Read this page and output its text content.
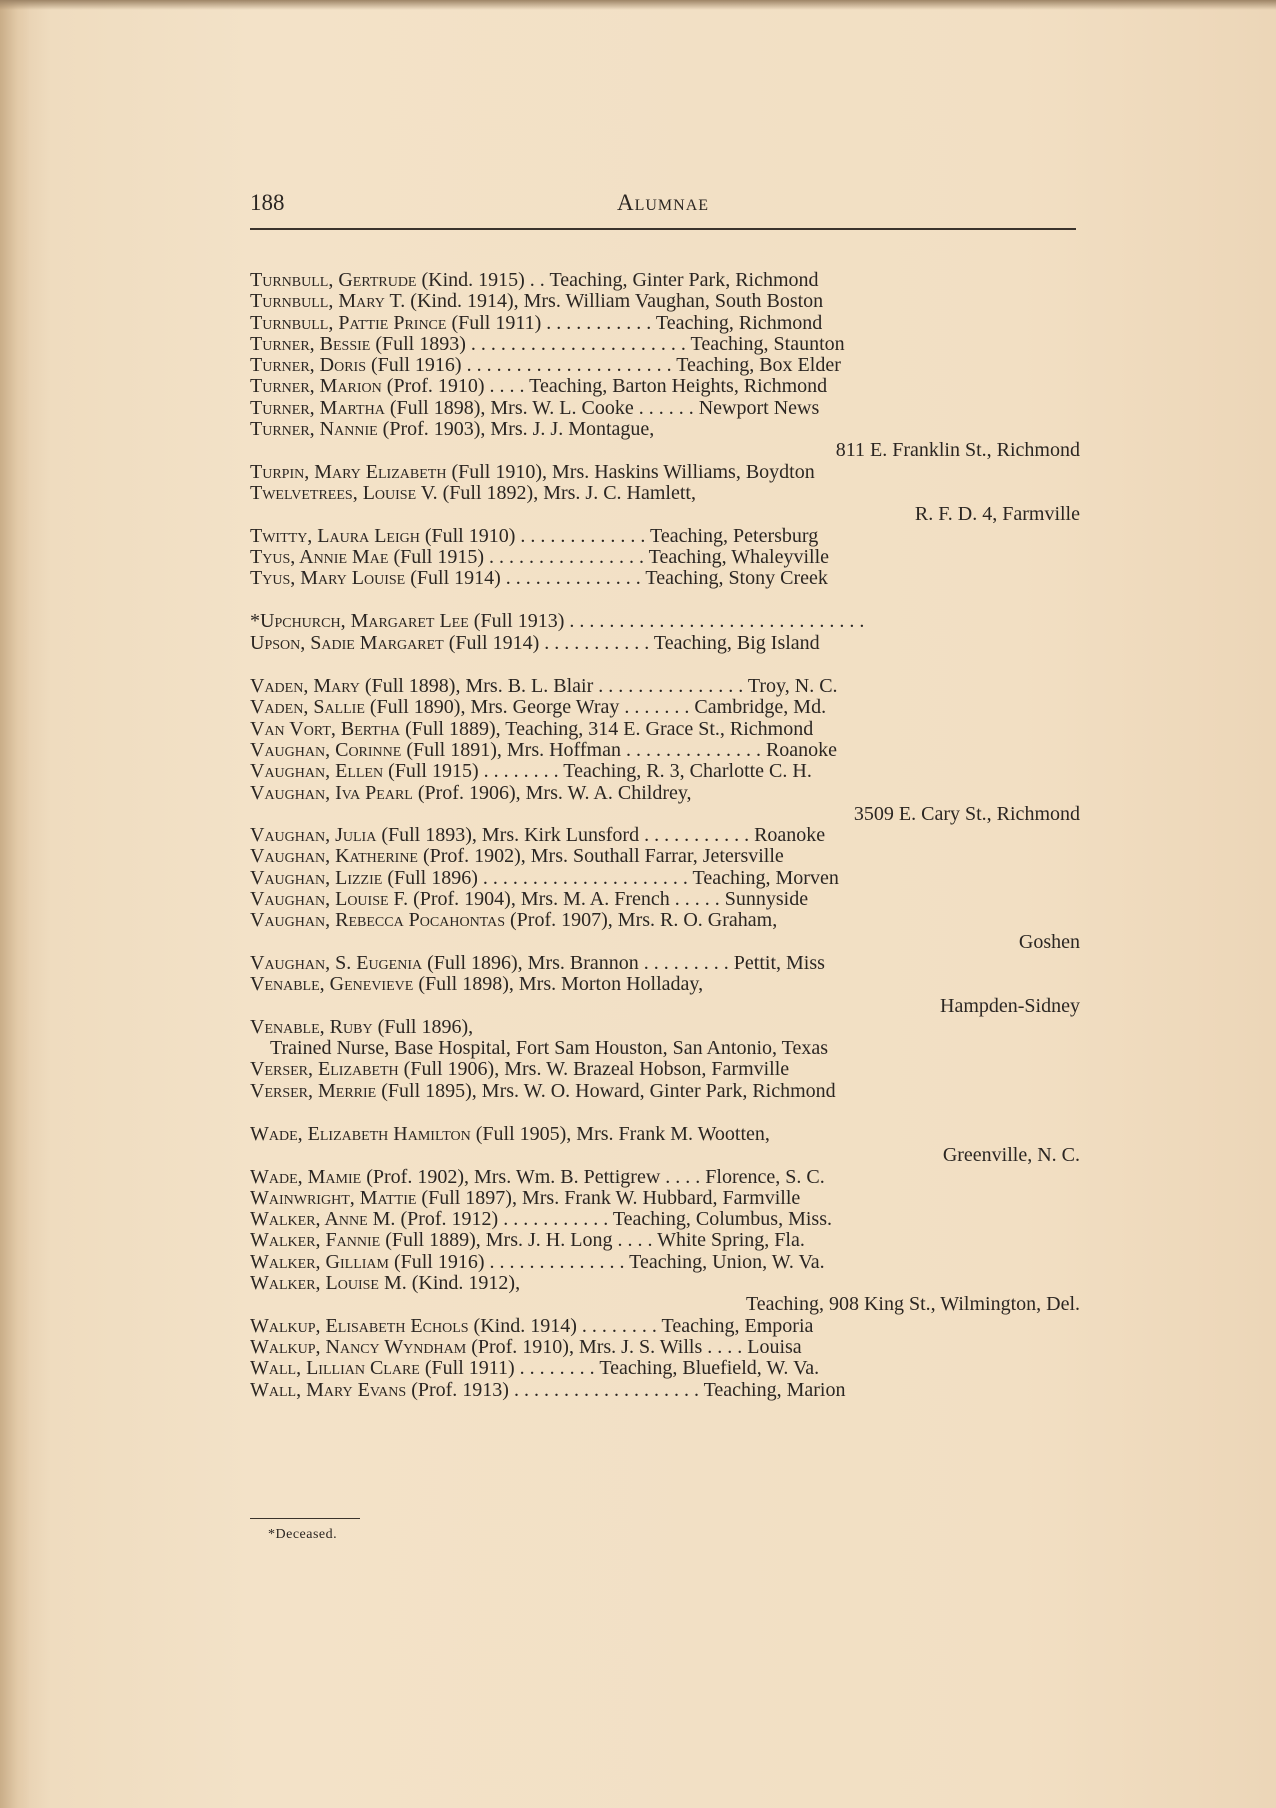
188	Alumnae
Turnbull, Gertrude (Kind. 1915) . . Teaching, Ginter Park, Richmond
Turnbull, Mary T. (Kind. 1914), Mrs. William Vaughan, South Boston
Turnbull, Pattie Prince (Full 1911) . . . . . . . . . . . Teaching, Richmond
Turner, Bessie (Full 1893) . . . . . . . . . . . . . . . . . . . . . . Teaching, Staunton
Turner, Doris (Full 1916) . . . . . . . . . . . . . . . . . . . . . Teaching, Box Elder
Turner, Marion (Prof. 1910) . . . . Teaching, Barton Heights, Richmond
Turner, Martha (Full 1898), Mrs. W. L. Cooke . . . . . . Newport News
Turner, Nannie (Prof. 1903), Mrs. J. J. Montague,
811 E. Franklin St., Richmond
Turpin, Mary Elizabeth (Full 1910), Mrs. Haskins Williams, Boydton
Twelvetrees, Louise V. (Full 1892), Mrs. J. C. Hamlett,
R. F. D. 4, Farmville
Twitty, Laura Leigh (Full 1910) . . . . . . . . . . . . . Teaching, Petersburg
Tyus, Annie Mae (Full 1915) . . . . . . . . . . . . . . . . Teaching, Whaleyville
Tyus, Mary Louise (Full 1914) . . . . . . . . . . . . . . Teaching, Stony Creek
*Upchurch, Margaret Lee (Full 1913) . . . . . . . . . . . . . . . . . . . . . . . . . . . . . .
Upson, Sadie Margaret (Full 1914) . . . . . . . . . . . Teaching, Big Island
Vaden, Mary (Full 1898), Mrs. B. L. Blair . . . . . . . . . . . . . . . Troy, N. C.
Vaden, Sallie (Full 1890), Mrs. George Wray . . . . . . . Cambridge, Md.
Van Vort, Bertha (Full 1889), Teaching, 314 E. Grace St., Richmond
Vaughan, Corinne (Full 1891), Mrs. Hoffman . . . . . . . . . . . . . . Roanoke
Vaughan, Ellen (Full 1915) . . . . . . . . Teaching, R. 3, Charlotte C. H.
Vaughan, Iva Pearl (Prof. 1906), Mrs. W. A. Childrey,
3509 E. Cary St., Richmond
Vaughan, Julia (Full 1893), Mrs. Kirk Lunsford . . . . . . . . . . . Roanoke
Vaughan, Katherine (Prof. 1902), Mrs. Southall Farrar, Jetersville
Vaughan, Lizzie (Full 1896) . . . . . . . . . . . . . . . . . . . . . Teaching, Morven
Vaughan, Louise F. (Prof. 1904), Mrs. M. A. French . . . . . Sunnyside
Vaughan, Rebecca Pocahontas (Prof. 1907), Mrs. R. O. Graham,
Goshen
Vaughan, S. Eugenia (Full 1896), Mrs. Brannon . . . . . . . . . Pettit, Miss
Venable, Genevieve (Full 1898), Mrs. Morton Holladay,
Hampden-Sidney
Venable, Ruby (Full 1896),
Trained Nurse, Base Hospital, Fort Sam Houston, San Antonio, Texas
Verser, Elizabeth (Full 1906), Mrs. W. Brazeal Hobson, Farmville
Verser, Merrie (Full 1895), Mrs. W. O. Howard, Ginter Park, Richmond
Wade, Elizabeth Hamilton (Full 1905), Mrs. Frank M. Wootten,
Greenville, N. C.
Wade, Mamie (Prof. 1902), Mrs. Wm. B. Pettigrew . . . . Florence, S. C.
Wainwright, Mattie (Full 1897), Mrs. Frank W. Hubbard, Farmville
Walker, Anne M. (Prof. 1912) . . . . . . . . . . . Teaching, Columbus, Miss.
Walker, Fannie (Full 1889), Mrs. J. H. Long . . . . White Spring, Fla.
Walker, Gilliam (Full 1916) . . . . . . . . . . . . . . Teaching, Union, W. Va.
Walker, Louise M. (Kind. 1912),
Teaching, 908 King St., Wilmington, Del.
Walkup, Elisabeth Echols (Kind. 1914) . . . . . . . . Teaching, Emporia
Walkup, Nancy Wyndham (Prof. 1910), Mrs. J. S. Wills . . . . Louisa
Wall, Lillian Clare (Full 1911) . . . . . . . . Teaching, Bluefield, W. Va.
Wall, Mary Evans (Prof. 1913) . . . . . . . . . . . . . . . . . . . Teaching, Marion
*Deceased.
